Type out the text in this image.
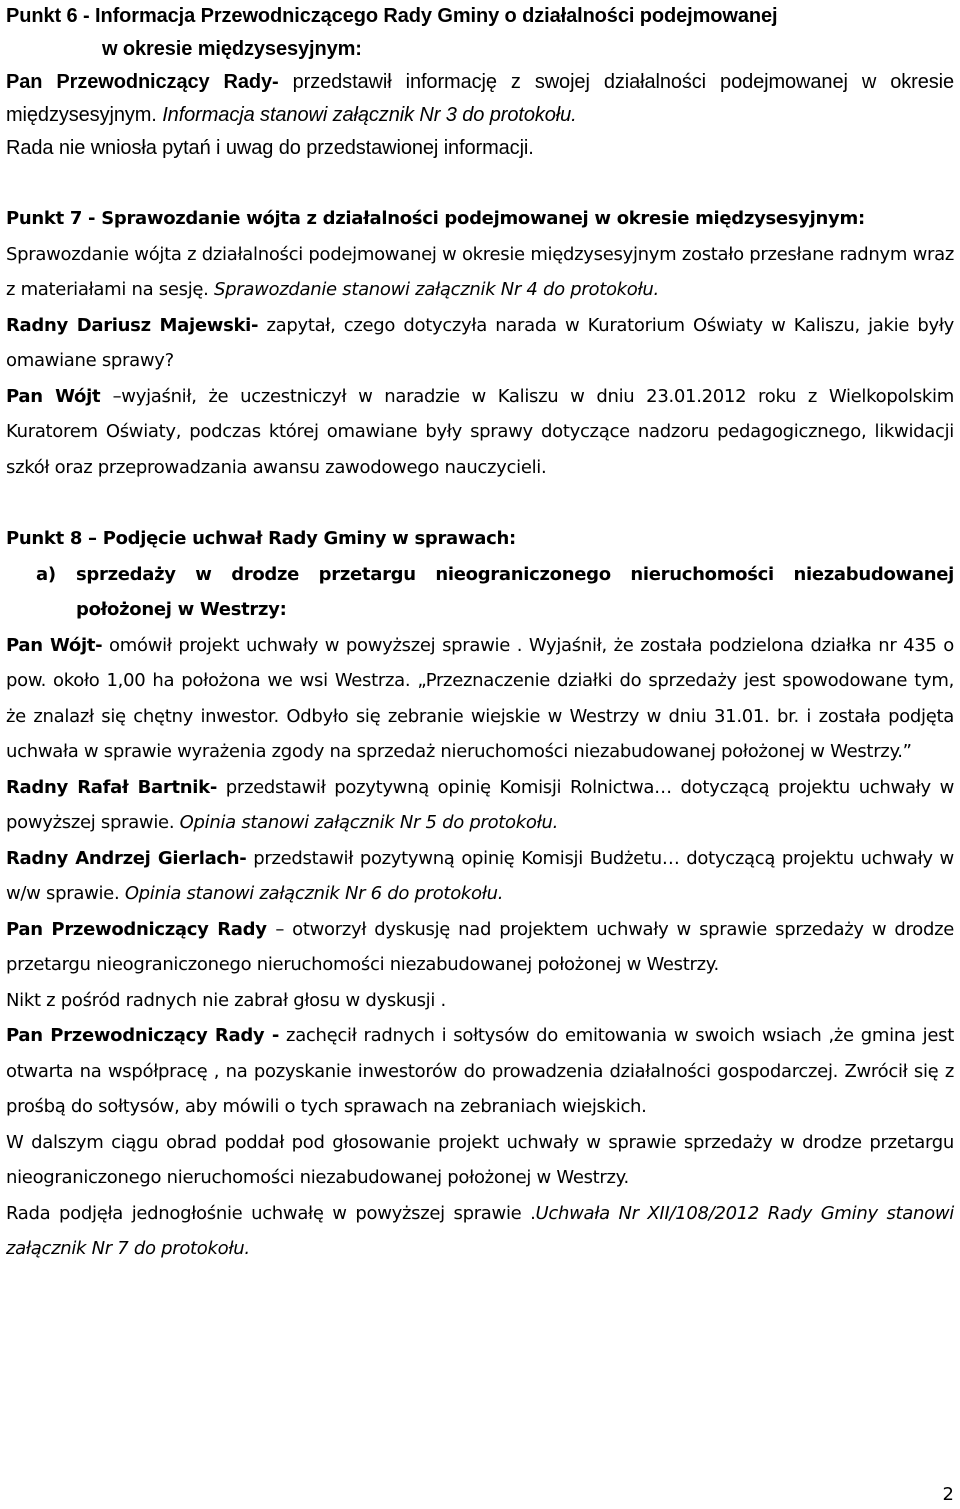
Punkt 6 - Informacja Przewodniczącego Rady Gminy o działalności podejmowanej

w okresie międzysesyjnym:

Pan Przewodniczący Rady- przedstawił informację z swojej działalności podejmowanej w okresie międzysesyjnym. Informacja stanowi załącznik Nr 3 do protokołu.

Rada nie wniosła pytań i uwag do przedstawionej informacji.

Punkt 7 - Sprawozdanie wójta z działalności podejmowanej w okresie międzysesyjnym:

Sprawozdanie wójta z działalności podejmowanej w okresie międzysesyjnym zostało przesłane radnym wraz z materiałami na sesję. Sprawozdanie stanowi załącznik Nr 4 do protokołu.

Radny Dariusz Majewski- zapytał, czego dotyczyła narada w Kuratorium Oświaty w Kaliszu, jakie były omawiane sprawy?

Pan Wójt –wyjaśnił, że uczestniczył w naradzie w Kaliszu w dniu 23.01.2012 roku z Wielkopolskim Kuratorem Oświaty, podczas której omawiane były sprawy dotyczące nadzoru pedagogicznego, likwidacji szkół oraz przeprowadzania awansu zawodowego nauczycieli.

Punkt 8 – Podjęcie uchwał Rady Gminy w sprawach:

a)	sprzedaży w drodze przetargu nieograniczonego nieruchomości niezabudowanej położonej w Westrzy:

Pan Wójt- omówił projekt uchwały w powyższej sprawie . Wyjaśnił, że została podzielona działka nr 435 o pow. około 1,00 ha położona we wsi Westrza. „Przeznaczenie działki do sprzedaży jest spowodowane tym, że znalazł się chętny inwestor. Odbyło się zebranie wiejskie w Westrzy w dniu 31.01. br. i została podjęta uchwała w sprawie wyrażenia zgody na sprzedaż nieruchomości niezabudowanej położonej w Westrzy.”

Radny Rafał Bartnik- przedstawił pozytywną opinię Komisji Rolnictwa… dotyczącą projektu uchwały w powyższej sprawie. Opinia stanowi załącznik Nr 5 do protokołu.

Radny Andrzej Gierlach- przedstawił pozytywną opinię Komisji Budżetu… dotyczącą projektu uchwały w w/w sprawie. Opinia stanowi załącznik Nr 6 do protokołu.

Pan Przewodniczący Rady – otworzył dyskusję nad projektem uchwały w sprawie sprzedaży w drodze przetargu nieograniczonego nieruchomości niezabudowanej położonej w Westrzy.

Nikt z pośród radnych nie zabrał głosu w dyskusji .

Pan Przewodniczący Rady - zachęcił radnych i sołtysów do emitowania w swoich wsiach ,że gmina jest otwarta na współpracę , na pozyskanie inwestorów do prowadzenia działalności gospodarczej. Zwrócił się z prośbą do sołtysów, aby mówili o tych sprawach na zebraniach wiejskich.

W dalszym ciągu obrad poddał pod głosowanie projekt uchwały w sprawie sprzedaży w drodze przetargu nieograniczonego nieruchomości niezabudowanej położonej w Westrzy.

Rada podjęła jednogłośnie uchwałę w powyższej sprawie .Uchwała Nr XII/108/2012 Rady Gminy stanowi załącznik Nr 7 do protokołu.

2
